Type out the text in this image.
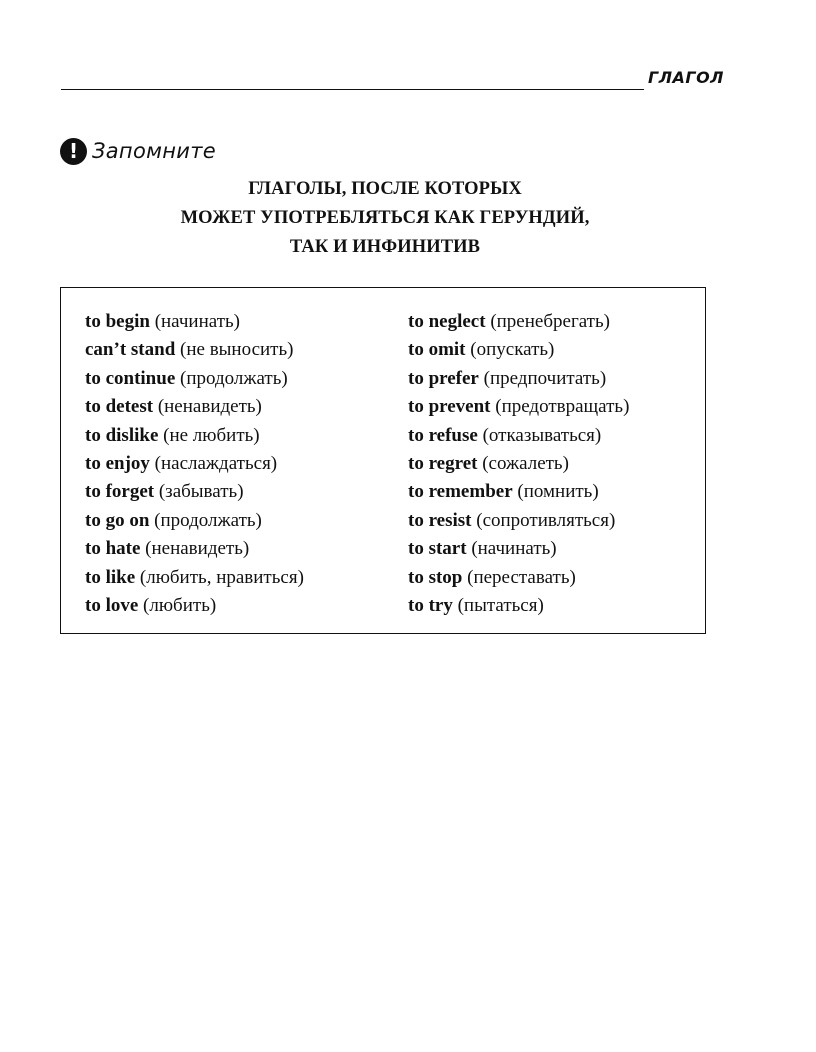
ГЛАГОЛ
! Запомните
ГЛАГОЛЫ, ПОСЛЕ КОТОРЫХ
МОЖЕТ УПОТРЕБЛЯТЬСЯ КАК ГЕРУНДИЙ,
ТАК И ИНФИНИТИВ
to begin (начинать)
can’t stand (не выносить)
to continue (продолжать)
to detest (ненавидеть)
to dislike (не любить)
to enjoy (наслаждаться)
to forget (забывать)
to go on (продолжать)
to hate (ненавидеть)
to like (любить, нравиться)
to love (любить)
to neglect (пренебрегать)
to omit (опускать)
to prefer (предпочитать)
to prevent (предотвращать)
to refuse (отказываться)
to regret (сожалеть)
to remember (помнить)
to resist (сопротивляться)
to start (начинать)
to stop (переставать)
to try (пытаться)
